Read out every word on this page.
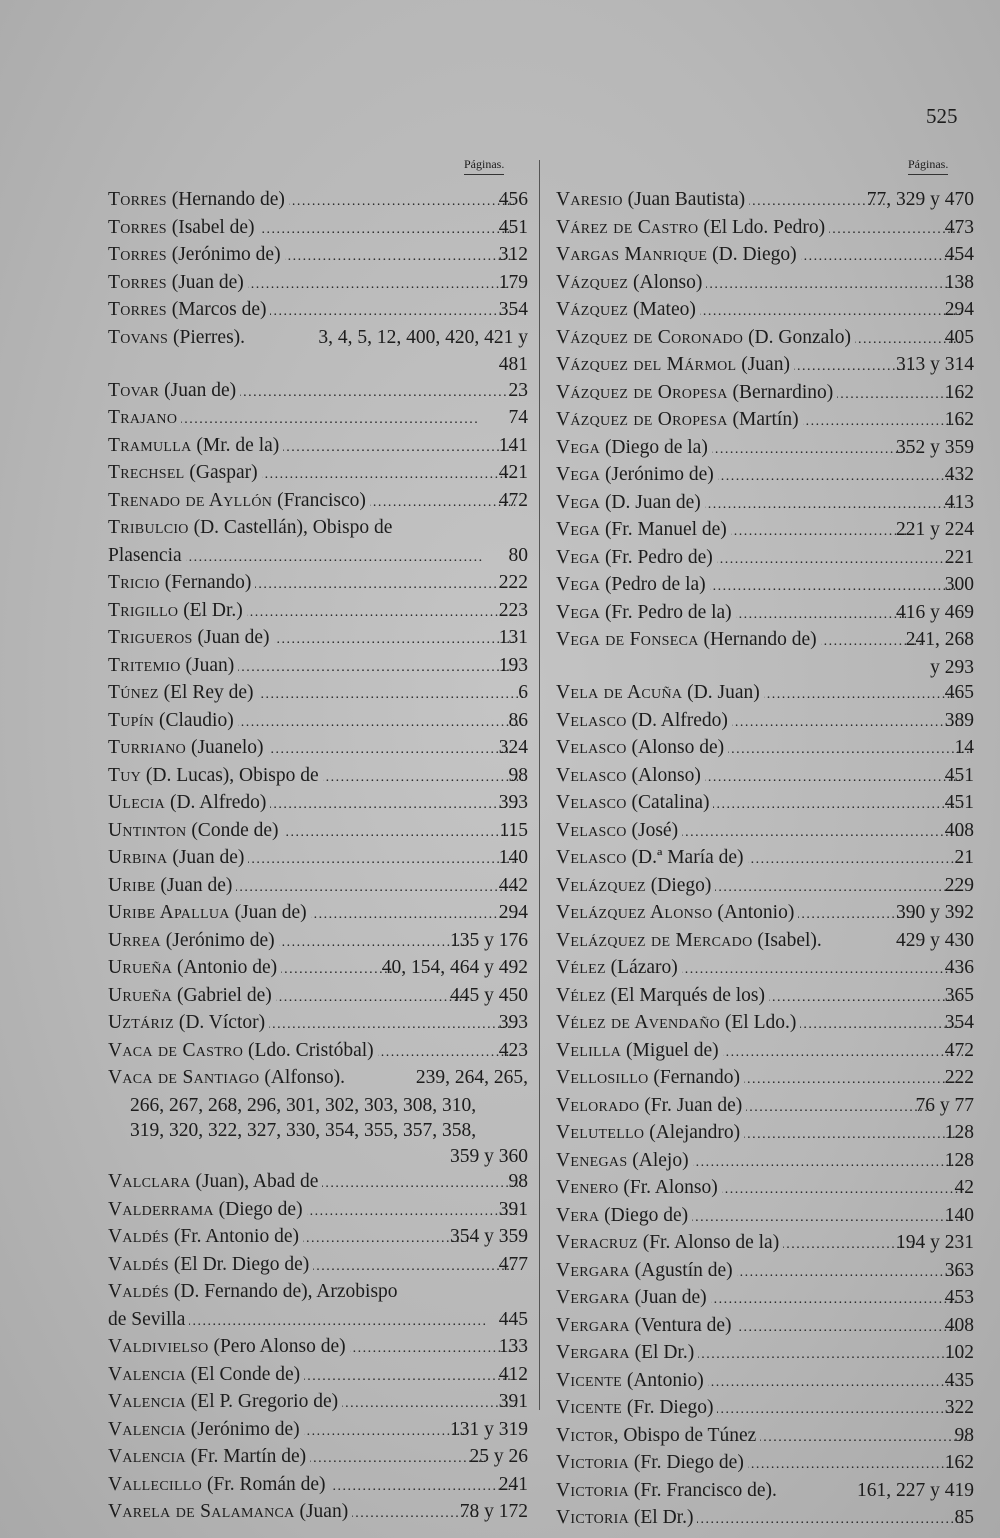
525
Páginas.	Páginas.
Torres (Hernando de) . . .	456
Torres (Isabel de) . . .	451
Torres (Jerónimo de) . . .	312
Torres (Juan de) . . .	179
Torres (Marcos de) . . .	354
Tovans (Pierres).	3, 4, 5, 12, 400, 420, 421 y
481
Tovar (Juan de) . . .	23
Trajano . . .	74
Tramulla (Mr. de la) . . .	141
Trechsel (Gaspar) . . .	421
Trenado de Ayllón (Francisco) . . .	472
Tribulcio (D. Castellán), Obispo de
Plasencia . . .	80
Tricio (Fernando) . . .	222
Trigillo (El Dr.) . . .	223
Trigueros (Juan de) . . .	131
Tritemio (Juan) . . .	193
Túnez (El Rey de) . . .	6
Tupín (Claudio) . . .	86
Turriano (Juanelo) . . .	324
Tuy (D. Lucas), Obispo de . . .	98
Ulecia (D. Alfredo) . . .	393
Untinton (Conde de) . . .	115
Urbina (Juan de) . . .	140
Uribe (Juan de) . . .	442
Uribe Apallua (Juan de) . . .	294
Urrea (Jerónimo de) . . .	135 y 176
Urueña (Antonio de) . . .	40, 154, 464 y 492
Urueña (Gabriel de) . . .	445 y 450
Uztáriz (D. Víctor) . . .	393
Vaca de Castro (Ldo. Cristóbal) . . .	423
Vaca de Santiago (Alfonso).	239, 264, 265,
266, 267, 268, 296, 301, 302, 303, 308, 310,
319, 320, 322, 327, 330, 354, 355, 357, 358,
359 y 360
Valclara (Juan), Abad de . . .	98
Valderrama (Diego de) . . .	391
Valdés (Fr. Antonio de) . . .	354 y 359
Valdés (El Dr. Diego de) . . .	477
Valdés (D. Fernando de), Arzobispo
de Sevilla . . .	445
Valdivielso (Pero Alonso de) . . .	133
Valencia (El Conde de) . . .	412
Valencia (El P. Gregorio de) . . .	391
Valencia (Jerónimo de) . . .	131 y 319
Valencia (Fr. Martín de) . . .	25 y 26
Vallecillo (Fr. Román de) . . .	241
Varela de Salamanca (Juan) . . .	78 y 172
Varesio (Juan Bautista) . . .	77, 329 y 470
Várez de Castro (El Ldo. Pedro) . . .	473
Vargas Manrique (D. Diego) . . .	454
Vázquez (Alonso) . . .	138
Vázquez (Mateo) . . .	294
Vázquez de Coronado (D. Gonzalo) . . .	405
Vázquez del Mármol (Juan) . . .	313 y 314
Vázquez de Oropesa (Bernardino) . . .	162
Vázquez de Oropesa (Martín) . . .	162
Vega (Diego de la) . . .	352 y 359
Vega (Jerónimo de) . . .	432
Vega (D. Juan de) . . .	413
Vega (Fr. Manuel de) . . .	221 y 224
Vega (Fr. Pedro de) . . .	221
Vega (Pedro de la) . . .	300
Vega (Fr. Pedro de la) . . .	416 y 469
Vega de Fonseca (Hernando de) . . .	241, 268
y 293
Vela de Acuña (D. Juan) . . .	465
Velasco (D. Alfredo) . . .	389
Velasco (Alonso de) . . .	14
Velasco (Alonso) . . .	451
Velasco (Catalina) . . .	451
Velasco (José) . . .	408
Velasco (D.ª María de) . . .	21
Velázquez (Diego) . . .	229
Velázquez Alonso (Antonio) . . .	390 y 392
Velázquez de Mercado (Isabel).	429 y 430
Vélez (Lázaro) . . .	436
Vélez (El Marqués de los) . . .	365
Vélez de Avendaño (El Ldo.) . . .	354
Velilla (Miguel de) . . .	472
Vellosillo (Fernando) . . .	222
Velorado (Fr. Juan de) . . .	76 y 77
Velutello (Alejandro) . . .	128
Venegas (Alejo) . . .	128
Venero (Fr. Alonso) . . .	42
Vera (Diego de) . . .	140
Veracruz (Fr. Alonso de la) . . .	194 y 231
Vergara (Agustín de) . . .	363
Vergara (Juan de) . . .	453
Vergara (Ventura de) . . .	408
Vergara (El Dr.) . . .	102
Vicente (Antonio) . . .	435
Vicente (Fr. Diego) . . .	322
Victor, Obispo de Túnez . . .	98
Victoria (Fr. Diego de) . . .	162
Victoria (Fr. Francisco de).	161, 227 y 419
Victoria (El Dr.) . . .	85
